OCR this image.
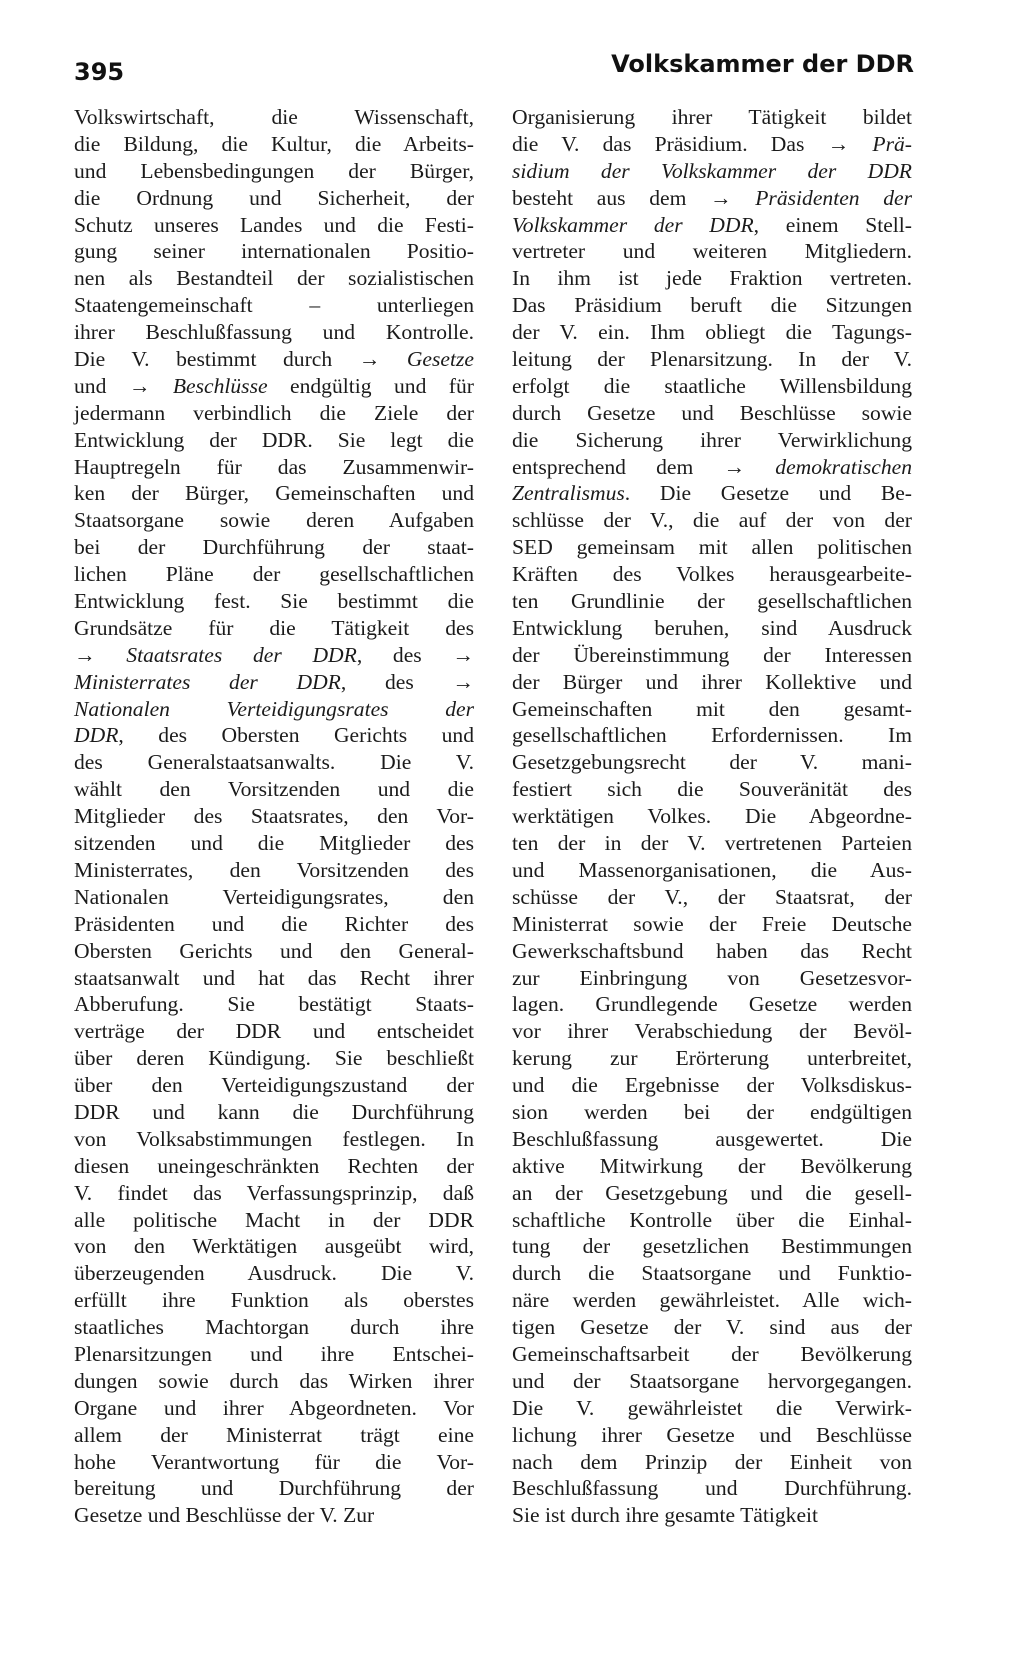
395	Volkskammer der DDR
Volkswirtschaft, die Wissenschaft,
die Bildung, die Kultur, die Arbeits-
und Lebensbedingungen der Bürger,
die Ordnung und Sicherheit, der
Schutz unseres Landes und die Festi-
gung seiner internationalen Positio-
nen als Bestandteil der sozialistischen
Staatengemeinschaft – unterliegen
ihrer Beschlußfassung und Kontrolle.
Die V. bestimmt durch → Gesetze
und → Beschlüsse endgültig und für
jedermann verbindlich die Ziele der
Entwicklung der DDR. Sie legt die
Hauptregeln für das Zusammenwir-
ken der Bürger, Gemeinschaften und
Staatsorgane sowie deren Aufgaben
bei der Durchführung der staat-
lichen Pläne der gesellschaftlichen
Entwicklung fest. Sie bestimmt die
Grundsätze für die Tätigkeit des
→ Staatsrates der DDR, des →
Ministerrates der DDR, des →
Nationalen Verteidigungsrates der
DDR, des Obersten Gerichts und
des Generalstaatsanwalts. Die V.
wählt den Vorsitzenden und die
Mitglieder des Staatsrates, den Vor-
sitzenden und die Mitglieder des
Ministerrates, den Vorsitzenden des
Nationalen Verteidigungsrates, den
Präsidenten und die Richter des
Obersten Gerichts und den General-
staatsanwalt und hat das Recht ihrer
Abberufung. Sie bestätigt Staats-
verträge der DDR und entscheidet
über deren Kündigung. Sie beschließt
über den Verteidigungszustand der
DDR und kann die Durchführung
von Volksabstimmungen festlegen. In
diesen uneingeschränkten Rechten der
V. findet das Verfassungsprinzip, daß
alle politische Macht in der DDR
von den Werktätigen ausgeübt wird,
überzeugenden Ausdruck. Die V.
erfüllt ihre Funktion als oberstes
staatliches Machtorgan durch ihre
Plenarsitzungen und ihre Entschei-
dungen sowie durch das Wirken ihrer
Organe und ihrer Abgeordneten. Vor
allem der Ministerrat trägt eine
hohe Verantwortung für die Vor-
bereitung und Durchführung der
Gesetze und Beschlüsse der V. Zur
Organisierung ihrer Tätigkeit bildet
die V. das Präsidium. Das → Prä-
sidium der Volkskammer der DDR
besteht aus dem → Präsidenten der
Volkskammer der DDR, einem Stell-
vertreter und weiteren Mitgliedern.
In ihm ist jede Fraktion vertreten.
Das Präsidium beruft die Sitzungen
der V. ein. Ihm obliegt die Tagungs-
leitung der Plenarsitzung. In der V.
erfolgt die staatliche Willensbildung
durch Gesetze und Beschlüsse sowie
die Sicherung ihrer Verwirklichung
entsprechend dem → demokratischen
Zentralismus. Die Gesetze und Be-
schlüsse der V., die auf der von der
SED gemeinsam mit allen politischen
Kräften des Volkes herausgearbeite-
ten Grundlinie der gesellschaftlichen
Entwicklung beruhen, sind Ausdruck
der Übereinstimmung der Interessen
der Bürger und ihrer Kollektive und
Gemeinschaften mit den gesamt-
gesellschaftlichen Erfordernissen. Im
Gesetzgebungsrecht der V. mani-
festiert sich die Souveränität des
werktätigen Volkes. Die Abgeordne-
ten der in der V. vertretenen Parteien
und Massenorganisationen, die Aus-
schüsse der V., der Staatsrat, der
Ministerrat sowie der Freie Deutsche
Gewerkschaftsbund haben das Recht
zur Einbringung von Gesetzesvor-
lagen. Grundlegende Gesetze werden
vor ihrer Verabschiedung der Bevöl-
kerung zur Erörterung unterbreitet,
und die Ergebnisse der Volksdiskus-
sion werden bei der endgültigen
Beschlußfassung ausgewertet. Die
aktive Mitwirkung der Bevölkerung
an der Gesetzgebung und die gesell-
schaftliche Kontrolle über die Einhal-
tung der gesetzlichen Bestimmungen
durch die Staatsorgane und Funktio-
näre werden gewährleistet. Alle wich-
tigen Gesetze der V. sind aus der
Gemeinschaftsarbeit der Bevölkerung
und der Staatsorgane hervorgegangen.
Die V. gewährleistet die Verwirk-
lichung ihrer Gesetze und Beschlüsse
nach dem Prinzip der Einheit von
Beschlußfassung und Durchführung.
Sie ist durch ihre gesamte Tätigkeit
